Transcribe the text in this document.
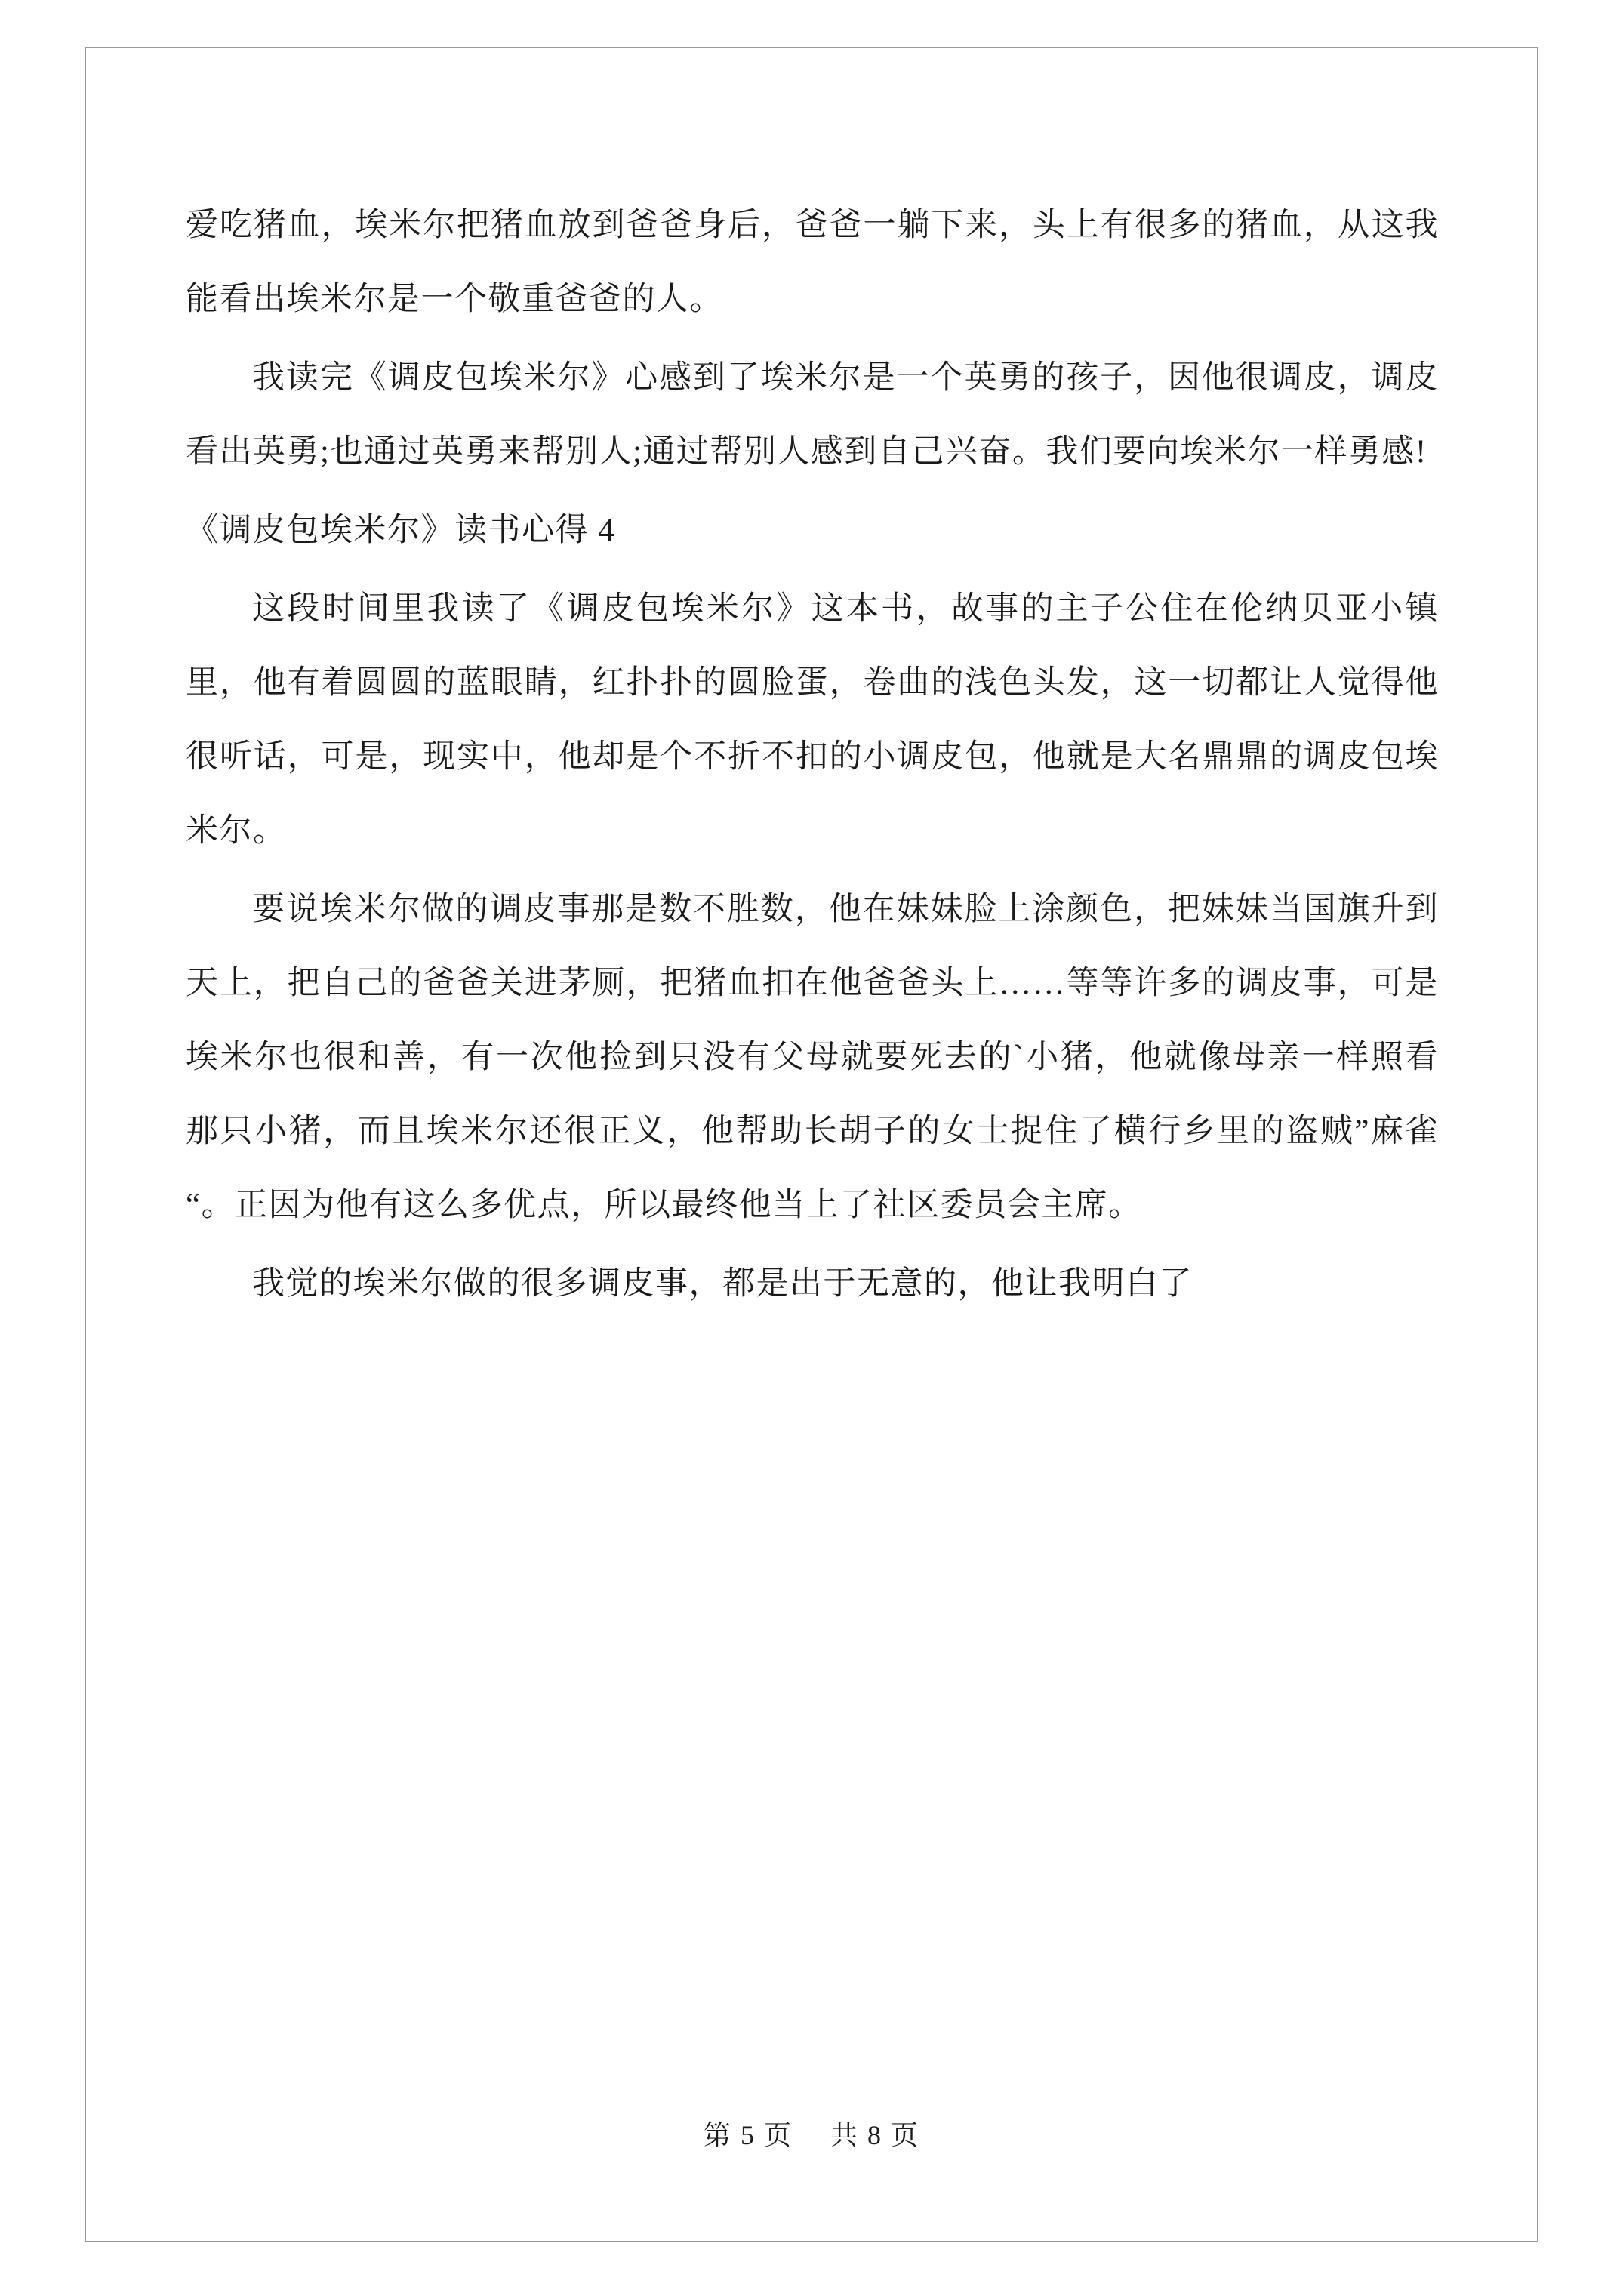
爱吃猪血，埃米尔把猪血放到爸爸身后，爸爸一躺下来，头上有很多的猪血，从这我能看出埃米尔是一个敬重爸爸的人。

我读完《调皮包埃米尔》心感到了埃米尔是一个英勇的孩子，因他很调皮，调皮看出英勇;也通过英勇来帮别人;通过帮别人感到自己兴奋。我们要向埃米尔一样勇感!

《调皮包埃米尔》读书心得 4

这段时间里我读了《调皮包埃米尔》这本书，故事的主子公住在伦纳贝亚小镇里，他有着圆圆的蓝眼睛，红扑扑的圆脸蛋，卷曲的浅色头发，这一切都让人觉得他很听话，可是，现实中，他却是个不折不扣的小调皮包，他就是大名鼎鼎的调皮包埃米尔。

要说埃米尔做的调皮事那是数不胜数，他在妹妹脸上涂颜色，把妹妹当国旗升到天上，把自己的爸爸关进茅厕，把猪血扣在他爸爸头上……等等许多的调皮事，可是埃米尔也很和善，有一次他捡到只没有父母就要死去的`小猪，他就像母亲一样照看那只小猪，而且埃米尔还很正义，他帮助长胡子的女士捉住了横行乡里的盗贼”麻雀“。正因为他有这么多优点，所以最终他当上了社区委员会主席。

我觉的埃米尔做的很多调皮事，都是出于无意的，他让我明白了

第 5 页 共 8 页
